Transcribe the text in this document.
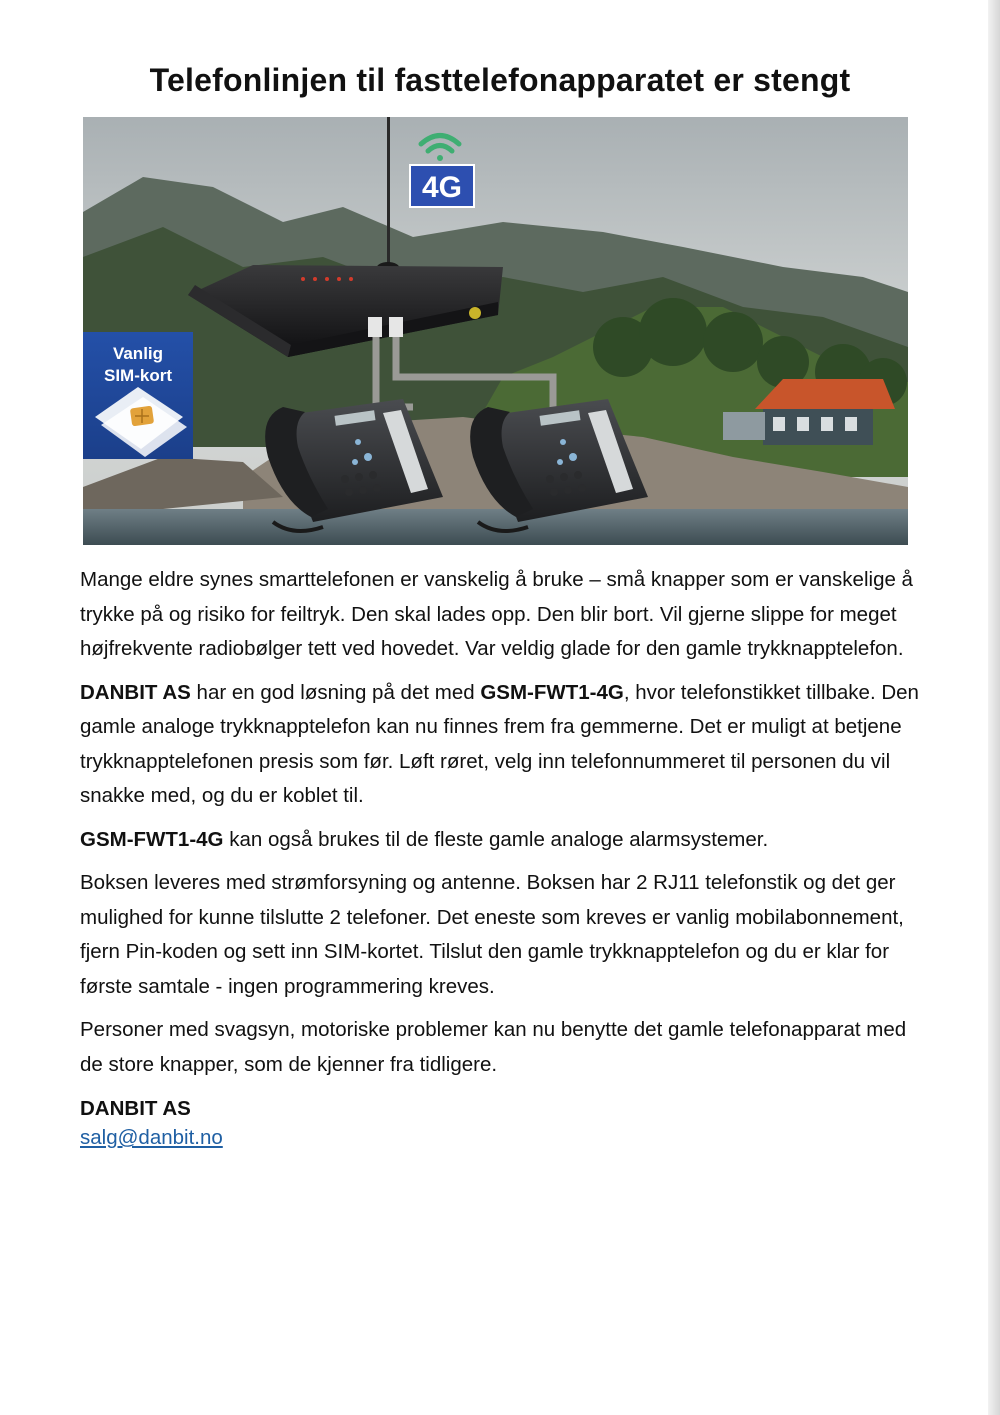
Telefonlinjen til fasttelefonapparatet er stengt
4G
Vanlig
SIM-kort

Mange eldre synes smarttelefonen er vanskelig å bruke – små knapper som er vanskelige å trykke på og risiko for feiltryk. Den skal lades opp. Den blir bort. Vil gjerne slippe for meget højfrekvente radiobølger tett ved hovedet. Var veldig glade for den gamle trykknapptelefon.

DANBIT AS har en god løsning på det med GSM-FWT1-4G, hvor telefonstikket tillbake. Den gamle analoge trykknapptelefon kan nu finnes frem fra gemmerne. Det er muligt at betjene trykknapptelefonen presis som før. Løft røret, velg inn telefonnummeret til personen du vil snakke med, og du er koblet til.

GSM-FWT1-4G kan også brukes til de fleste gamle analoge alarmsystemer.

Boksen leveres med strømforsyning og antenne. Boksen har 2 RJ11 telefonstik og det ger mulighed for kunne tilslutte 2 telefoner. Det eneste som kreves er vanlig mobilabonnement, fjern Pin-koden og sett inn SIM-kortet. Tilslut den gamle trykknapptelefon og du er klar for første samtale - ingen programmering kreves.

Personer med svagsyn, motoriske problemer kan nu benytte det gamle telefonapparat med de store knapper, som de kjenner fra tidligere.

DANBIT AS
salg@danbit.no
